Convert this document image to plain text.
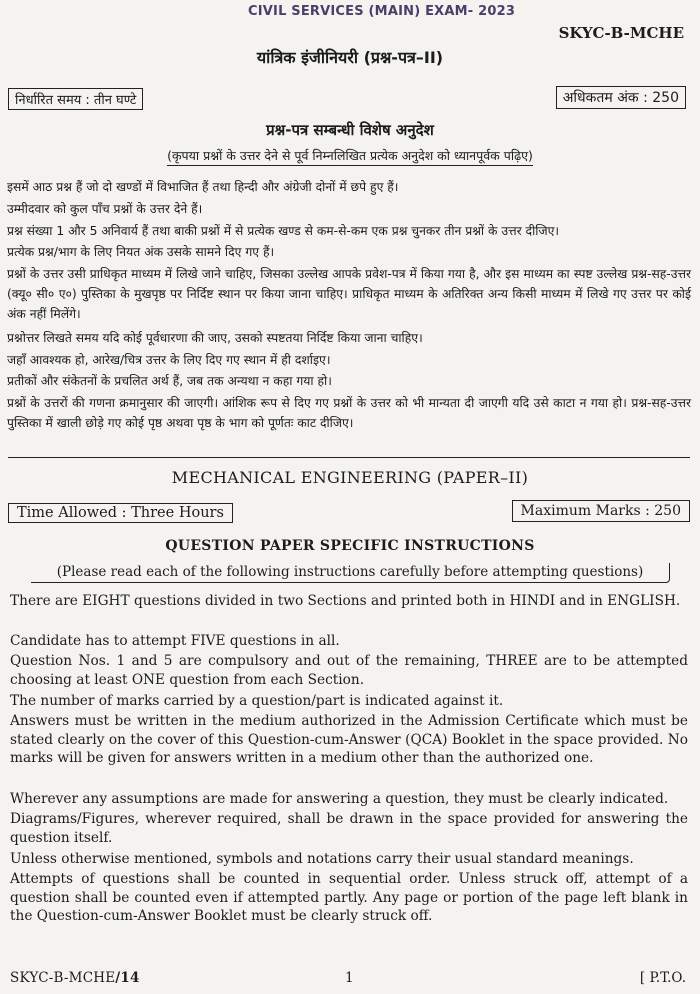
CIVIL SERVICES (MAIN) EXAM- 2023
SKYC-B-MCHE
यांत्रिक इंजीनियरी (प्रश्न-पत्र–II)
निर्धारित समय : तीन घण्टे	अधिकतम अंक : 250
प्रश्न-पत्र सम्बन्धी विशेष अनुदेश
(कृपया प्रश्नों के उत्तर देने से पूर्व निम्नलिखित प्रत्येक अनुदेश को ध्यानपूर्वक पढ़िए)

इसमें आठ प्रश्न हैं जो दो खण्डों में विभाजित हैं तथा हिन्दी और अंग्रेजी दोनों में छपे हुए हैं।

उम्मीदवार को कुल पाँच प्रश्नों के उत्तर देने हैं।

प्रश्न संख्या 1 और 5 अनिवार्य हैं तथा बाकी प्रश्नों में से प्रत्येक खण्ड से कम-से-कम एक प्रश्न चुनकर तीन प्रश्नों के उत्तर दीजिए।

प्रत्येक प्रश्न/भाग के लिए नियत अंक उसके सामने दिए गए हैं।

प्रश्नों के उत्तर उसी प्राधिकृत माध्यम में लिखे जाने चाहिए, जिसका उल्लेख आपके प्रवेश-पत्र में किया गया है, और इस माध्यम का स्पष्ट उल्लेख प्रश्न-सह-उत्तर (क्यू० सी० ए०) पुस्तिका के मुखपृष्ठ पर निर्दिष्ट स्थान पर किया जाना चाहिए। प्राधिकृत माध्यम के अतिरिक्त अन्य किसी माध्यम में लिखे गए उत्तर पर कोई अंक नहीं मिलेंगे।

प्रश्नोत्तर लिखते समय यदि कोई पूर्वधारणा की जाए, उसको स्पष्टतया निर्दिष्ट किया जाना चाहिए।

जहाँ आवश्यक हो, आरेख/चित्र उत्तर के लिए दिए गए स्थान में ही दर्शाइए।

प्रतीकों और संकेतनों के प्रचलित अर्थ हैं, जब तक अन्यथा न कहा गया हो।

प्रश्नों के उत्तरों की गणना क्रमानुसार की जाएगी। आंशिक रूप से दिए गए प्रश्नों के उत्तर को भी मान्यता दी जाएगी यदि उसे काटा न गया हो। प्रश्न-सह-उत्तर पुस्तिका में खाली छोड़े गए कोई पृष्ठ अथवा पृष्ठ के भाग को पूर्णतः काट दीजिए।

MECHANICAL ENGINEERING (PAPER–II)
Time Allowed : Three Hours	Maximum Marks : 250
QUESTION PAPER SPECIFIC INSTRUCTIONS
(Please read each of the following instructions carefully before attempting questions)

There are EIGHT questions divided in two Sections and printed both in HINDI and in ENGLISH.

Candidate has to attempt FIVE questions in all.

Question Nos. 1 and 5 are compulsory and out of the remaining, THREE are to be attempted choosing at least ONE question from each Section.

The number of marks carried by a question/part is indicated against it.

Answers must be written in the medium authorized in the Admission Certificate which must be stated clearly on the cover of this Question-cum-Answer (QCA) Booklet in the space provided. No marks will be given for answers written in a medium other than the authorized one.

Wherever any assumptions are made for answering a question, they must be clearly indicated.

Diagrams/Figures, wherever required, shall be drawn in the space provided for answering the question itself.

Unless otherwise mentioned, symbols and notations carry their usual standard meanings.

Attempts of questions shall be counted in sequential order. Unless struck off, attempt of a question shall be counted even if attempted partly. Any page or portion of the page left blank in the Question-cum-Answer Booklet must be clearly struck off.

SKYC-B-MCHE/14	1	[ P.T.O.
